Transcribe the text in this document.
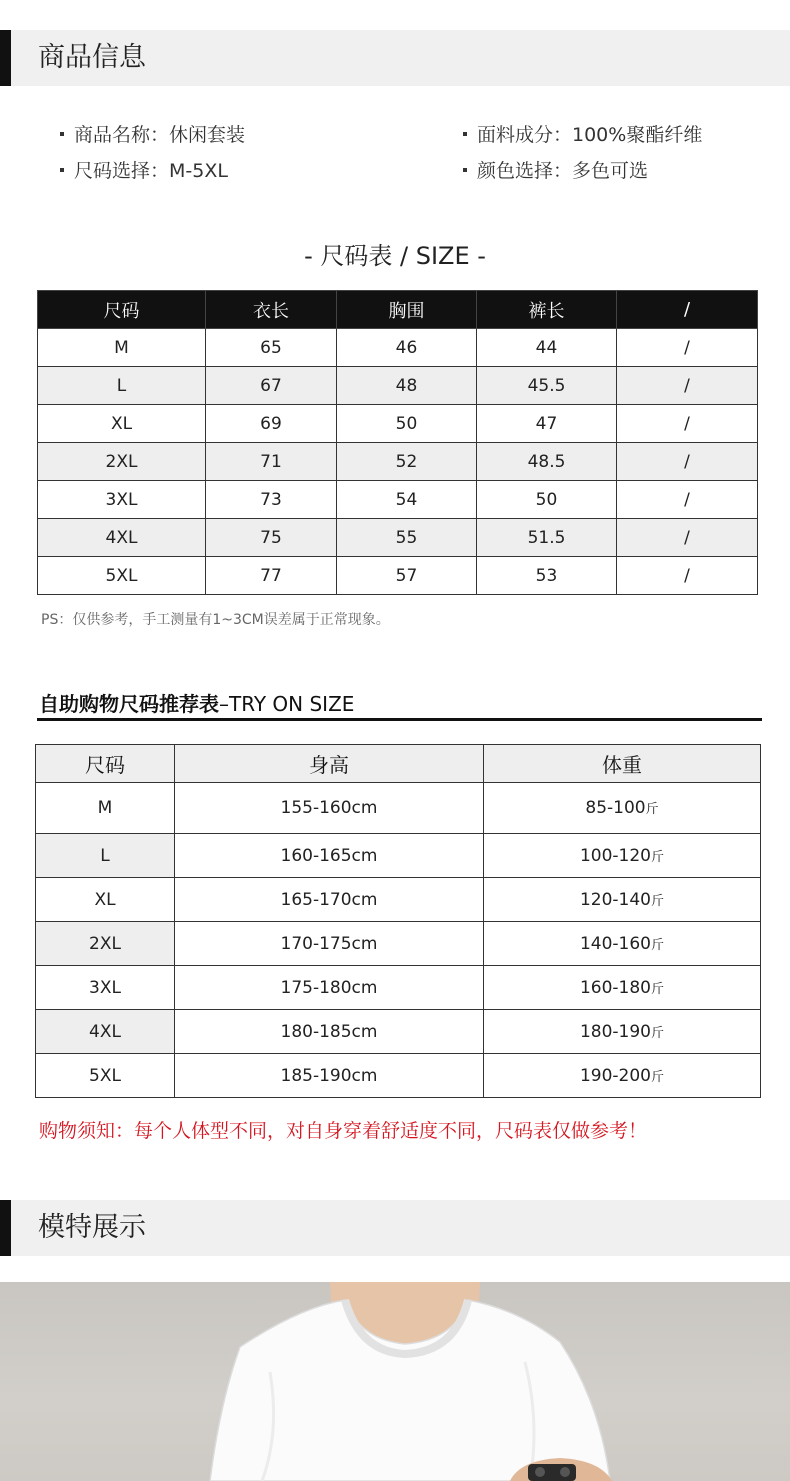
商品信息
商品名称：休闲套装	面料成分：100%聚酯纤维
尺码选择：M-5XL	颜色选择：多色可选
- 尺码表 / SIZE -
尺码	衣长	胸围	裤长	/
M	65	46	44	/
L	67	48	45.5	/
XL	69	50	47	/
2XL	71	52	48.5	/
3XL	73	54	50	/
4XL	75	55	51.5	/
5XL	77	57	53	/
PS：仅供参考，手工测量有1~3CM误差属于正常现象。
自助购物尺码推荐表–TRY ON SIZE
尺码	身高	体重
M	155-160cm	85-100斤
L	160-165cm	100-120斤
XL	165-170cm	120-140斤
2XL	170-175cm	140-160斤
3XL	175-180cm	160-180斤
4XL	180-185cm	180-190斤
5XL	185-190cm	190-200斤
购物须知：每个人体型不同，对自身穿着舒适度不同，尺码表仅做参考！
模特展示
